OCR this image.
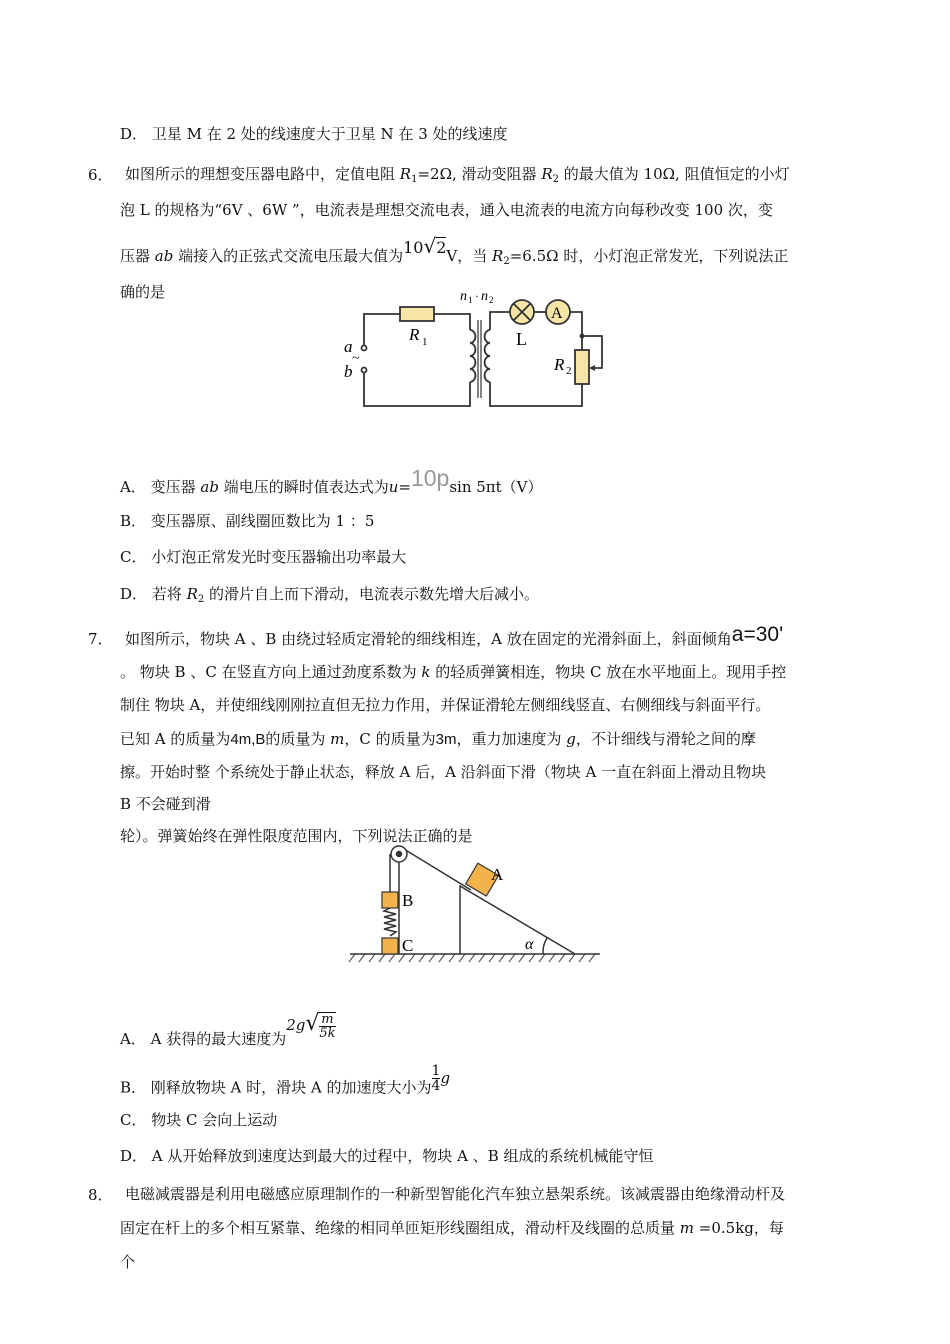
D． 卫星 M 在 2 处的线速度大于卫星 N 在 3 处的线速度
6． 如图所示的理想变压器电路中，定值电阻 $R_1=2\Omega$, 滑动变阻器 $R_2$ 的最大值为 10Ω, 阻值恒定的小灯
泡 L 的规格为“6V 、6W ”，电流表是理想交流电表，通入电流表的电流方向每秒改变 100 次，变
压器 ab 端接入的正弦式交流电压最大值为10√2V，当 $R_2=6.5\Omega$ 时，小灯泡正常发光，下列说法正
确的是
a
~
b
R 1
n 1 · n 2
L
A
R 2
A． 变压器 ab 端电压的瞬时值表达式为u=10psin 5πt（V）
B． 变压器原、副线圈匝数比为 1 ：5
C． 小灯泡正常发光时变压器输出功率最大
D． 若将 $R_2$ 的滑片自上而下滑动，电流表示数先增大后减小。
7． 如图所示，物块 A 、B 由绕过轻质定滑轮的细线相连，A 放在固定的光滑斜面上，斜面倾角a=30'
。 物块 B 、C 在竖直方向上通过劲度系数为 k 的轻质弹簧相连，物块 C 放在水平地面上。现用手控
制住 物块 A，并使细线刚刚拉直但无拉力作用，并保证滑轮左侧细线竖直、右侧细线与斜面平行。
已知 A 的质量为4m,B的质量为 m，C 的质量为3m，重力加速度为 g，不计细线与滑轮之间的摩
擦。开始时整 个系统处于静止状态，释放 A 后，A 沿斜面下滑（物块 A 一直在斜面上滑动且物块
B 不会碰到滑
轮）。弹簧始终在弹性限度范围内，下列说法正确的是
A
B
C	α
A． A 获得的最大速度为$2g√ \frac{m}{5k}$
B． 刚释放物块 A 时，滑块 A 的加速度大小为 $\frac{1}{4}$ g
C． 物块 C 会向上运动
D． A 从开始释放到速度达到最大的过程中，物块 A 、B 组成的系统机械能守恒
8． 电磁减震器是利用电磁感应原理制作的一种新型智能化汽车独立悬架系统。该减震器由绝缘滑动杆及
固定在杆上的多个相互紧靠、绝缘的相同单匝矩形线圈组成，滑动杆及线圈的总质量 m =0.5kg，每
个
